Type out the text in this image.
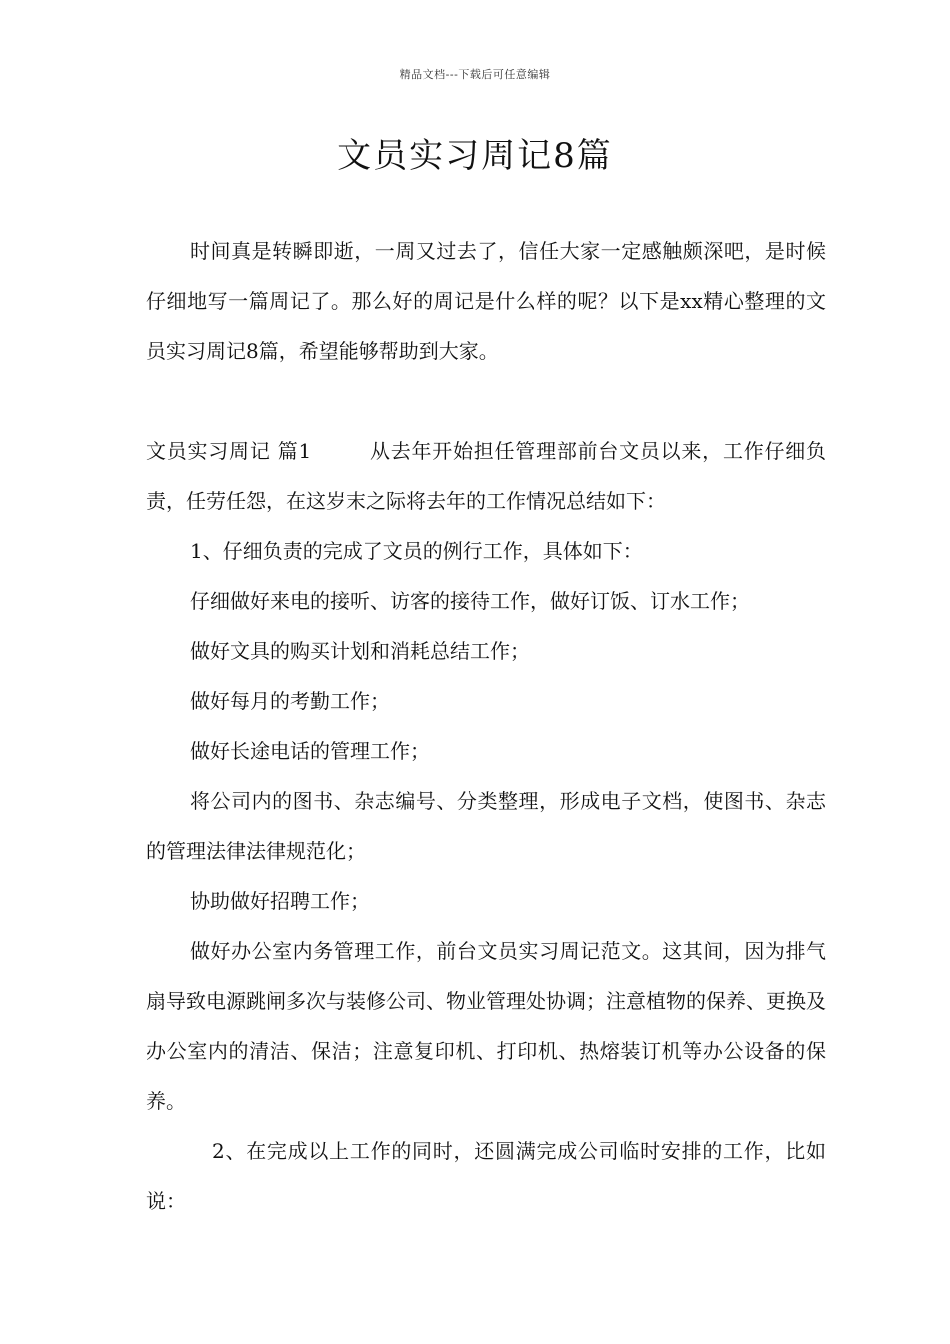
精品文档---下载后可任意编辑
文员实习周记8篇
时间真是转瞬即逝，一周又过去了，信任大家一定感触颇深吧，是时候仔细地写一篇周记了。那么好的周记是什么样的呢？以下是xx精心整理的文员实习周记8篇，希望能够帮助到大家。

文员实习周记 篇1	从去年开始担任管理部前台文员以来，工作仔细负责，任劳任怨，在这岁末之际将去年的工作情况总结如下：

1、仔细负责的完成了文员的例行工作，具体如下：

仔细做好来电的接听、访客的接待工作，做好订饭、订水工作；

做好文具的购买计划和消耗总结工作；

做好每月的考勤工作；

做好长途电话的管理工作；

将公司内的图书、杂志编号、分类整理，形成电子文档，使图书、杂志的管理法律法律规范化；

协助做好招聘工作；

做好办公室内务管理工作，前台文员实习周记范文。这其间，因为排气扇导致电源跳闸多次与装修公司、物业管理处协调；注意植物的保养、更换及办公室内的清洁、保洁；注意复印机、打印机、热熔装订机等办公设备的保养。

2、在完成以上工作的同时，还圆满完成公司临时安排的工作，比如说：
